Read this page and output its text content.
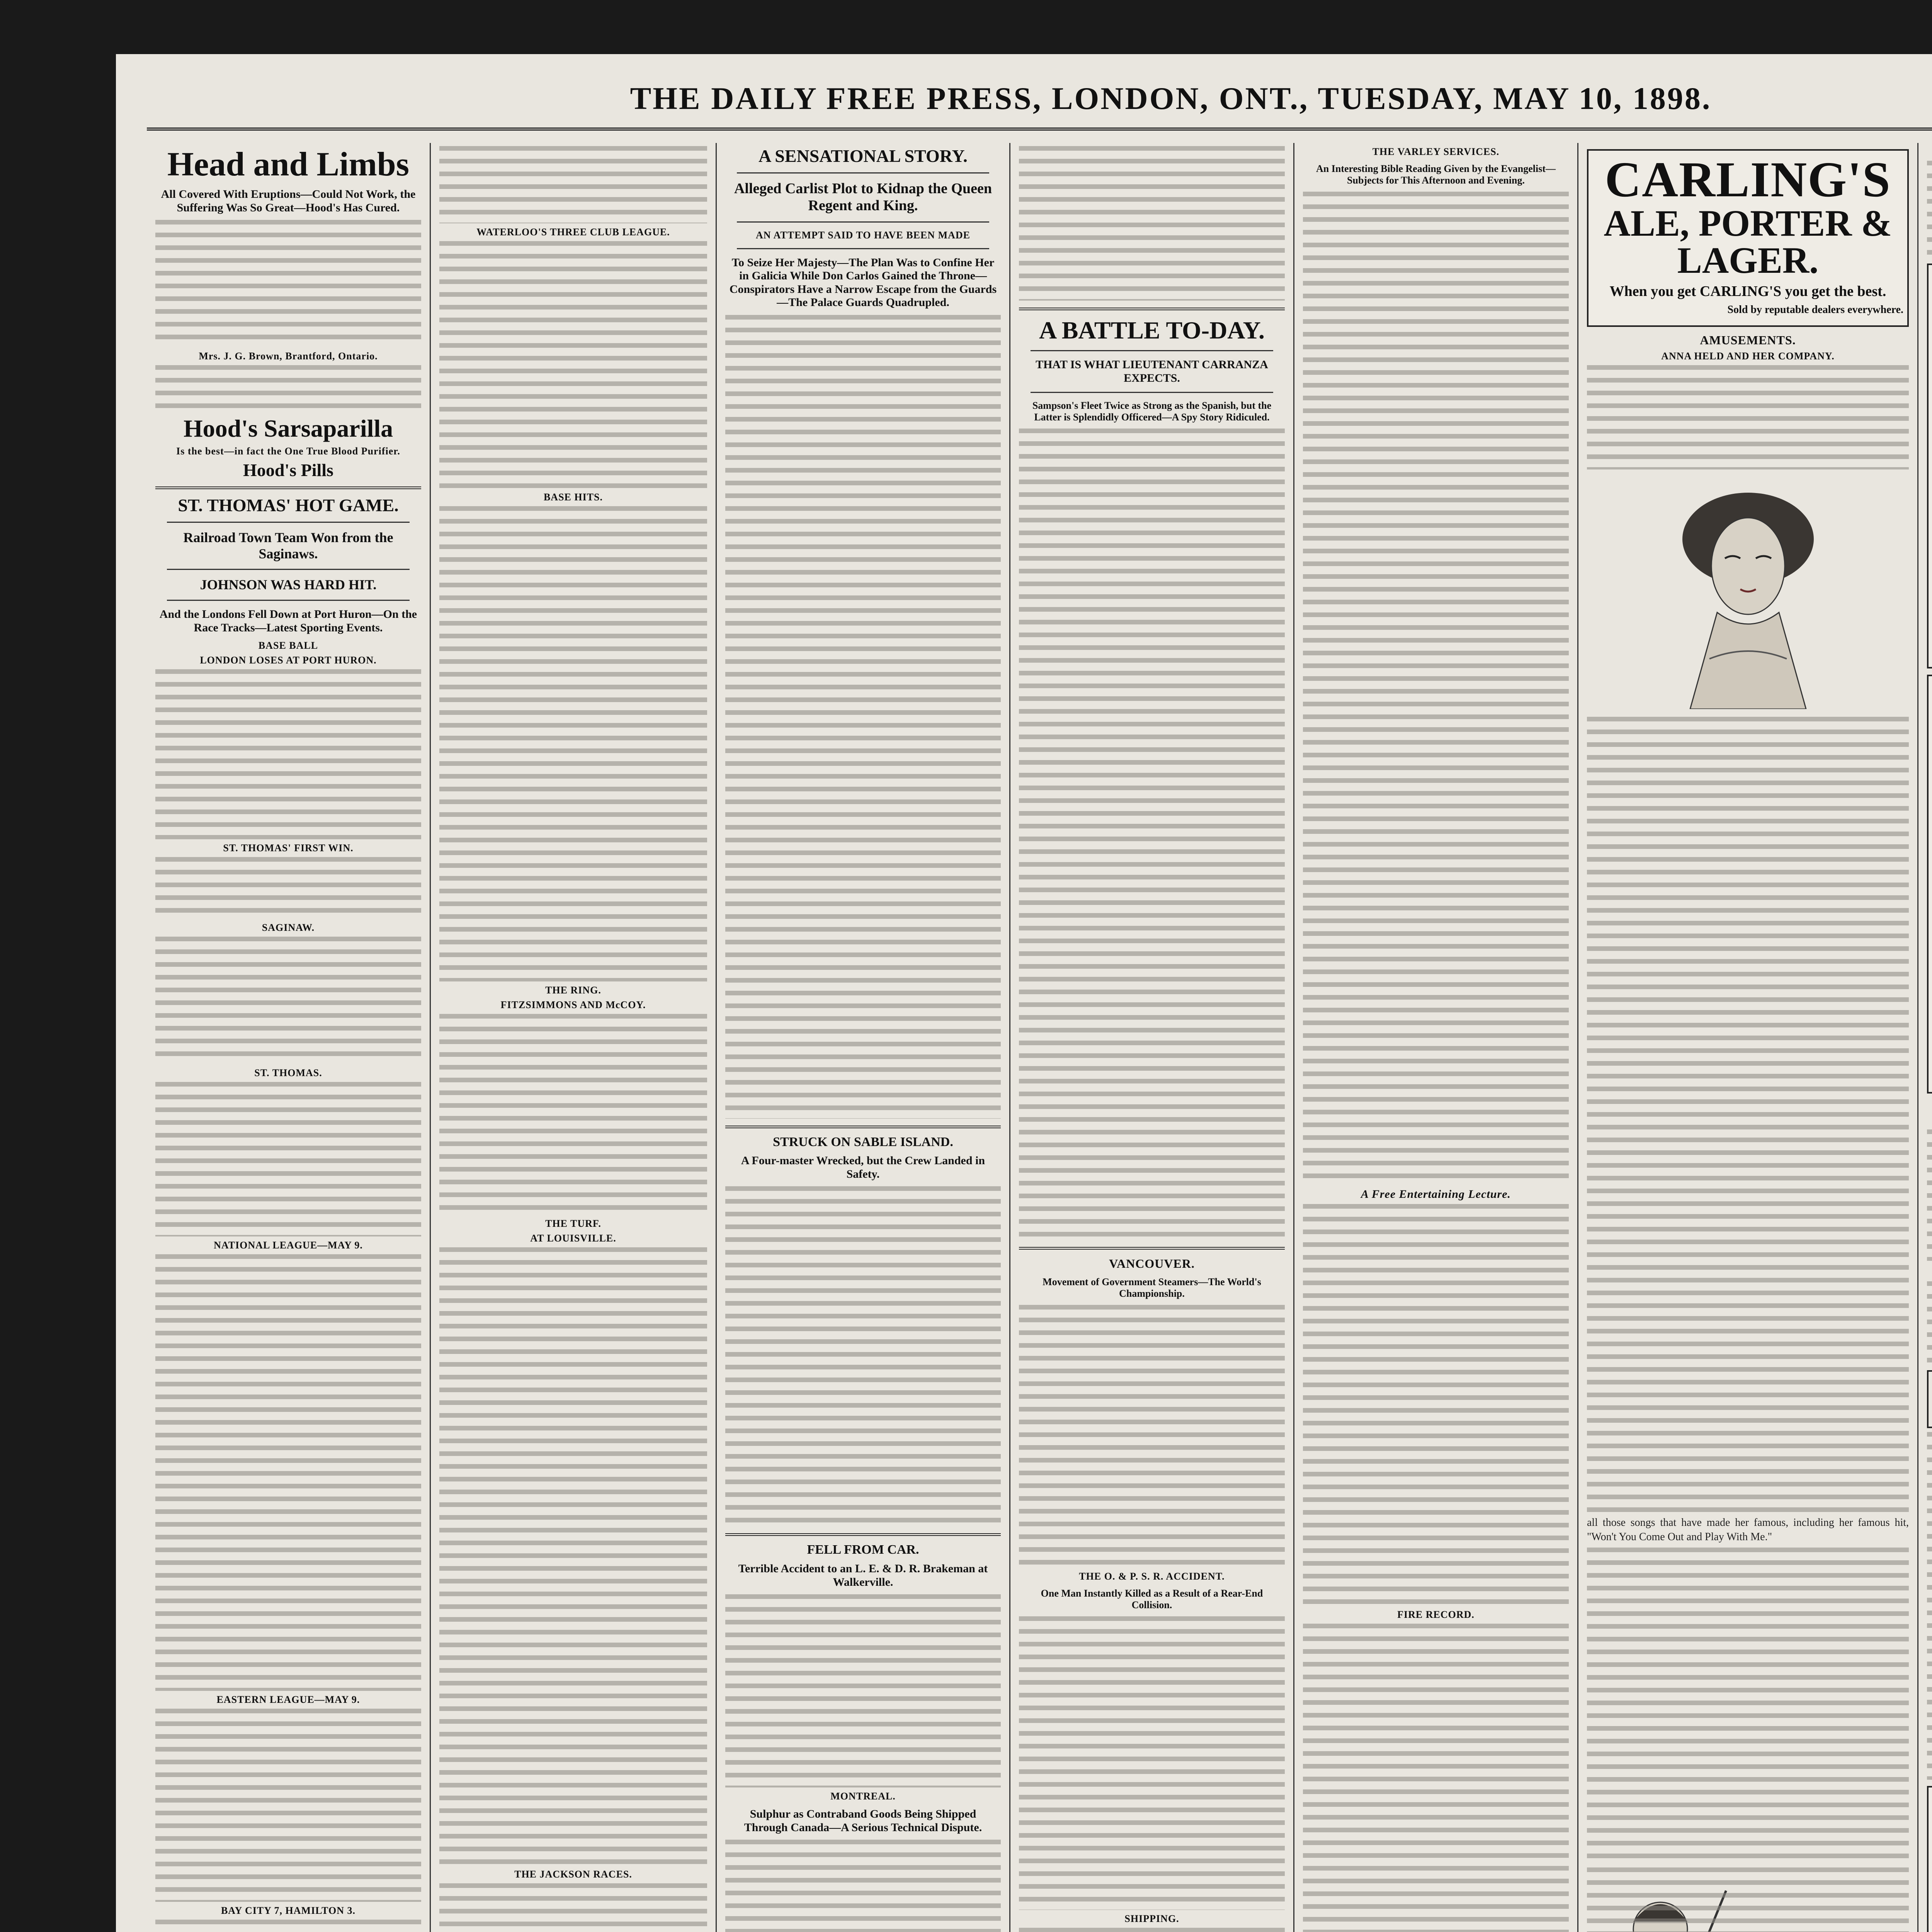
THE DAILY FREE PRESS, LONDON, ONT., TUESDAY, MAY 10, 1898.
Head and Limbs
All Covered With Eruptions—Could Not Work, the Suffering Was So Great—Hood's Has Cured.
Mrs. J. G. Brown, Brantford, Ontario.
Hood's Sarsaparilla
Is the best—in fact the One True Blood Purifier.
Hood's Pills
ST. THOMAS' HOT GAME.
Railroad Town Team Won from the Saginaws.
JOHNSON WAS HARD HIT.
And the Londons Fell Down at Port Huron—On the Race Tracks—Latest Sporting Events.
BASE BALL
LONDON LOSES AT PORT HURON.
ST. THOMAS' FIRST WIN.
SAGINAW.
ST. THOMAS.
NATIONAL LEAGUE—MAY 9.
EASTERN LEAGUE—MAY 9.
BAY CITY 7, HAMILTON 3.
WATERLOO'S THREE CLUB LEAGUE.
BASE HITS.
THE RING.
FITZSIMMONS AND McCOY.
THE TURF.
AT LOUISVILLE.
THE JACKSON RACES.
A SENSATIONAL STORY.
Alleged Carlist Plot to Kidnap the Queen Regent and King.
AN ATTEMPT SAID TO HAVE BEEN MADE
To Seize Her Majesty—The Plan Was to Confine Her in Galicia While Don Carlos Gained the Throne—Conspirators Have a Narrow Escape from the Guards—The Palace Guards Quadrupled.
STRUCK ON SABLE ISLAND.
A Four-master Wrecked, but the Crew Landed in Safety.
FELL FROM CAR.
Terrible Accident to an L. E. & D. R. Brakeman at Walkerville.
MONTREAL.
Sulphur as Contraband Goods Being Shipped Through Canada—A Serious Technical Dispute.
A BATTLE TO-DAY.
THAT IS WHAT LIEUTENANT CARRANZA EXPECTS.
Sampson's Fleet Twice as Strong as the Spanish, but the Latter is Splendidly Officered—A Spy Story Ridiculed.
VANCOUVER.
Movement of Government Steamers—The World's Championship.
THE O. & P. S. R. ACCIDENT.
One Man Instantly Killed as a Result of a Rear-End Collision.
SHIPPING.
THE VARLEY SERVICES.
An Interesting Bible Reading Given by the Evangelist—Subjects for This Afternoon and Evening.
A Free Entertaining Lecture.
FIRE RECORD.
CARLING'S
ALE, PORTER & LAGER.
When you get CARLING'S you get the best.
Sold by reputable dealers everywhere.
AMUSEMENTS.
ANNA HELD AND HER COMPANY.
all those songs that have made her famous, including her famous hit, "Won't You Come Out and Play With Me."
